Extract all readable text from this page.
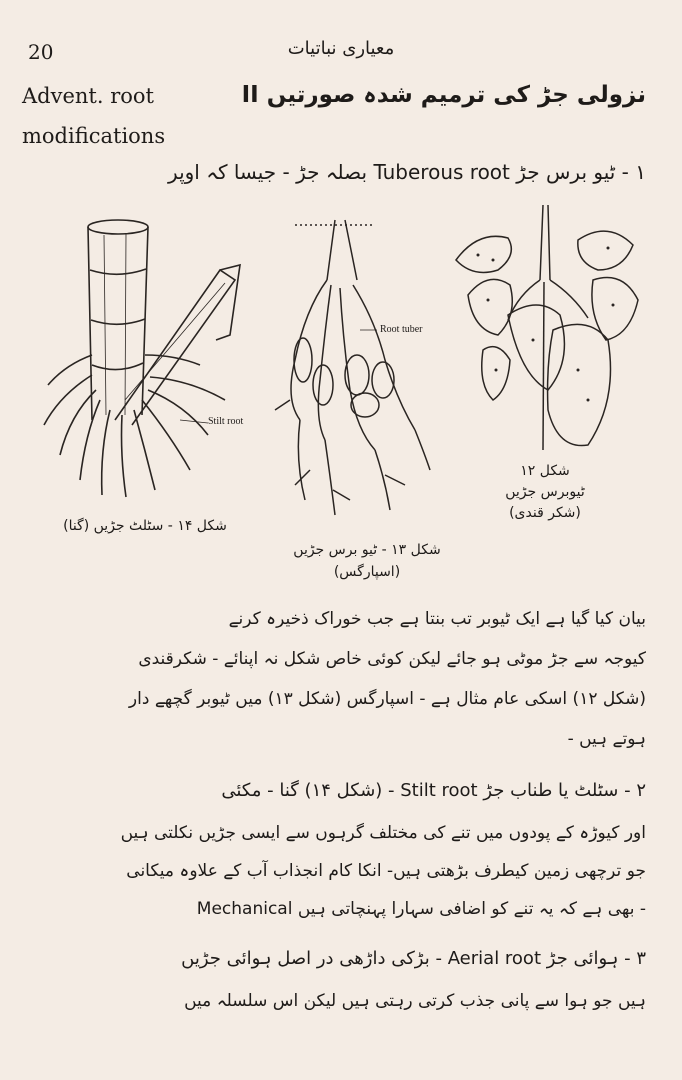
20	معیاری نباتیات
Advent. root	II نزولی جڑ کی ترمیم شدہ صورتیں
modifications
۱ - ٹیو برس جڑ Tuberous root بصلہ جڑ - جیسا کہ اوپر
Stilt root
شکل ۱۴ - سٹلٹ جڑیں (گنا)
Root tuber
شکل ۱۳ - ٹیو برس جڑیں
(اسپارگس)
شکل ۱۲
ٹیوبرس جڑیں
(شکر قندی)
بیان کیا گیا ہے ایک ٹیوبر تب بنتا ہے جب خوراک ذخیرہ کرنے
کیوجہ سے جڑ موٹی ہو جائے لیکن کوئی خاص شکل نہ اپنائے - شکرقندی
(شکل ۱۲) اسکی عام مثال ہے - اسپارگس (شکل ۱۳) میں ٹیوبر گچھے دار
ہوتے ہیں -
۲ - سٹلٹ یا طناب جڑ Stilt root - (شکل ۱۴) گنا - مکئی
اور کیوڑہ کے پودوں میں تنے کی مختلف گرہوں سے ایسی جڑیں نکلتی ہیں
جو ترچھی زمین کیطرف بڑھتی ہیں- انکا کام انجذاب آب کے علاوہ میکانی
Mechanical بھی ہے کہ یہ تنے کو اضافی سہارا پہنچاتی ہیں -
۳ - ہوائی جڑ Aerial root - بڑکی داڑھی در اصل ہوائی جڑیں
ہیں جو ہوا سے پانی جذب کرتی رہتی ہیں لیکن اس سلسلہ میں
